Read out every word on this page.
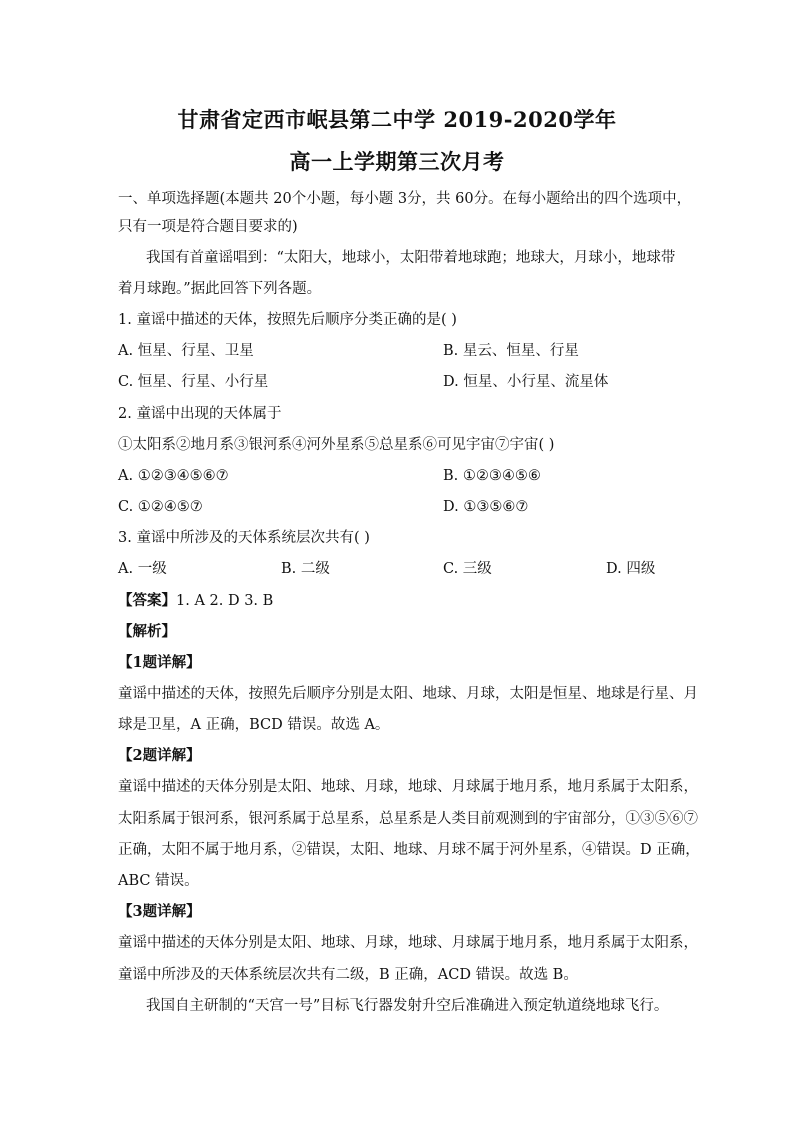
甘肃省定西市岷县第二中学 2019-2020学年
高一上学期第三次月考
一、单项选择题(本题共 20个小题，每小题 3分，共 60分。在每小题给出的四个选项中，
只有一项是符合题目要求的)
我国有首童谣唱到：“太阳大，地球小，太阳带着地球跑；地球大，月球小，地球带
着月球跑。”据此回答下列各题。
1. 童谣中描述的天体，按照先后顺序分类正确的是( )
A. 恒星、行星、卫星	B. 星云、恒星、行星
C. 恒星、行星、小行星	D. 恒星、小行星、流星体
2. 童谣中出现的天体属于
①太阳系②地月系③银河系④河外星系⑤总星系⑥可见宇宙⑦宇宙( )
A. ①②③④⑤⑥⑦	B. ①②③④⑤⑥
C. ①②④⑤⑦	D. ①③⑤⑥⑦
3. 童谣中所涉及的天体系统层次共有( )
A. 一级	B. 二级	C. 三级	D. 四级
【答案】1. A 2. D 3. B
【解析】
【1题详解】
童谣中描述的天体，按照先后顺序分别是太阳、地球、月球，太阳是恒星、地球是行星、月
球是卫星，A 正确，BCD 错误。故选 A。
【2题详解】
童谣中描述的天体分别是太阳、地球、月球，地球、月球属于地月系，地月系属于太阳系，
太阳系属于银河系，银河系属于总星系，总星系是人类目前观测到的宇宙部分，①③⑤⑥⑦
正确，太阳不属于地月系，②错误，太阳、地球、月球不属于河外星系，④错误。D 正确，
ABC 错误。
【3题详解】
童谣中描述的天体分别是太阳、地球、月球，地球、月球属于地月系，地月系属于太阳系，
童谣中所涉及的天体系统层次共有二级，B 正确，ACD 错误。故选 B。
我国自主研制的“天宫一号”目标飞行器发射升空后准确进入预定轨道绕地球飞行。
